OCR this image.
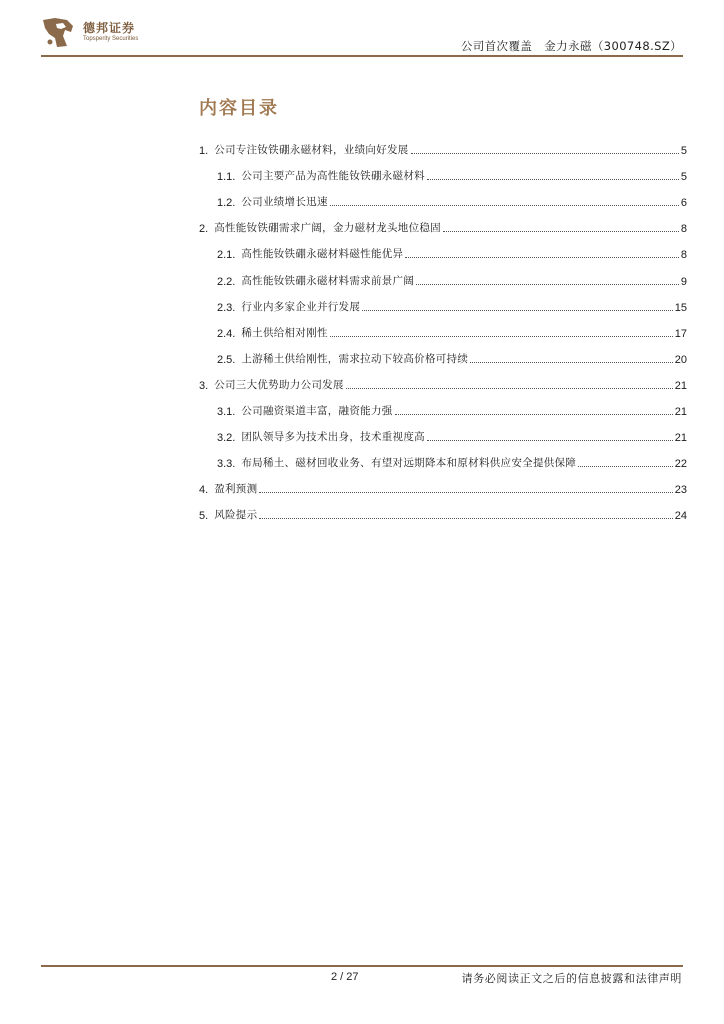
德邦证券
Topsperity Securities	公司首次覆盖 金力永磁（300748.SZ）
内容目录
1. 公司专注钕铁硼永磁材料，业绩向好发展	5
1.1. 公司主要产品为高性能钕铁硼永磁材料	5
1.2. 公司业绩增长迅速	6
2. 高性能钕铁硼需求广阔，金力磁材龙头地位稳固	8
2.1. 高性能钕铁硼永磁材料磁性能优异	8
2.2. 高性能钕铁硼永磁材料需求前景广阔	9
2.3. 行业内多家企业并行发展	15
2.4. 稀土供给相对刚性	17
2.5. 上游稀土供给刚性，需求拉动下较高价格可持续	20
3. 公司三大优势助力公司发展	21
3.1. 公司融资渠道丰富，融资能力强	21
3.2. 团队领导多为技术出身，技术重视度高	21
3.3. 布局稀土、磁材回收业务、有望对远期降本和原材料供应安全提供保障	22
4. 盈利预测	23
5. 风险提示	24
2 / 27	请务必阅读正文之后的信息披露和法律声明
